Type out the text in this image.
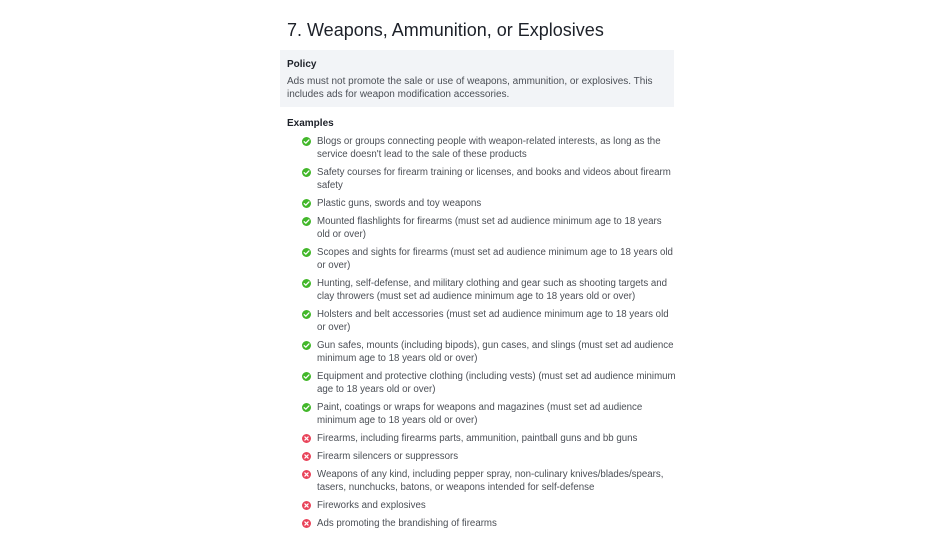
7. Weapons, Ammunition, or Explosives
Policy
Ads must not promote the sale or use of weapons, ammunition, or explosives. This includes ads for weapon modification accessories.
Examples
Blogs or groups connecting people with weapon-related interests, as long as the service doesn't lead to the sale of these products
Safety courses for firearm training or licenses, and books and videos about firearm safety
Plastic guns, swords and toy weapons
Mounted flashlights for firearms (must set ad audience minimum age to 18 years old or over)
Scopes and sights for firearms (must set ad audience minimum age to 18 years old or over)
Hunting, self-defense, and military clothing and gear such as shooting targets and clay throwers (must set ad audience minimum age to 18 years old or over)
Holsters and belt accessories (must set ad audience minimum age to 18 years old or over)
Gun safes, mounts (including bipods), gun cases, and slings (must set ad audience minimum age to 18 years old or over)
Equipment and protective clothing (including vests) (must set ad audience minimum age to 18 years old or over)
Paint, coatings or wraps for weapons and magazines (must set ad audience minimum age to 18 years old or over)
Firearms, including firearms parts, ammunition, paintball guns and bb guns
Firearm silencers or suppressors
Weapons of any kind, including pepper spray, non-culinary knives/blades/spears, tasers, nunchucks, batons, or weapons intended for self-defense
Fireworks and explosives
Ads promoting the brandishing of firearms
